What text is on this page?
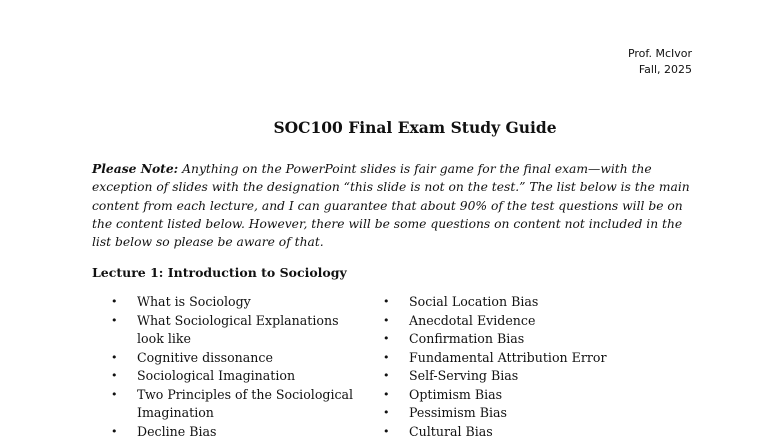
Prof. McIvor
Fall, 2025
SOC100 Final Exam Study Guide
Please Note: Anything on the PowerPoint slides is fair game for the final exam—with the exception of slides with the designation “this slide is not on the test.” The list below is the main content from each lecture, and I can guarantee that about 90% of the test questions will be on the content listed below. However, there will be some questions on content not included in the list below so please be aware of that.
Lecture 1: Introduction to Sociology
• What is Sociology
• What Sociological Explanations look like
• Cognitive dissonance
• Sociological Imagination
• Two Principles of the Sociological Imagination
• Decline Bias
• Social Location Bias
• Anecdotal Evidence
• Confirmation Bias
• Fundamental Attribution Error
• Self-Serving Bias
• Optimism Bias
• Pessimism Bias
• Cultural Bias
